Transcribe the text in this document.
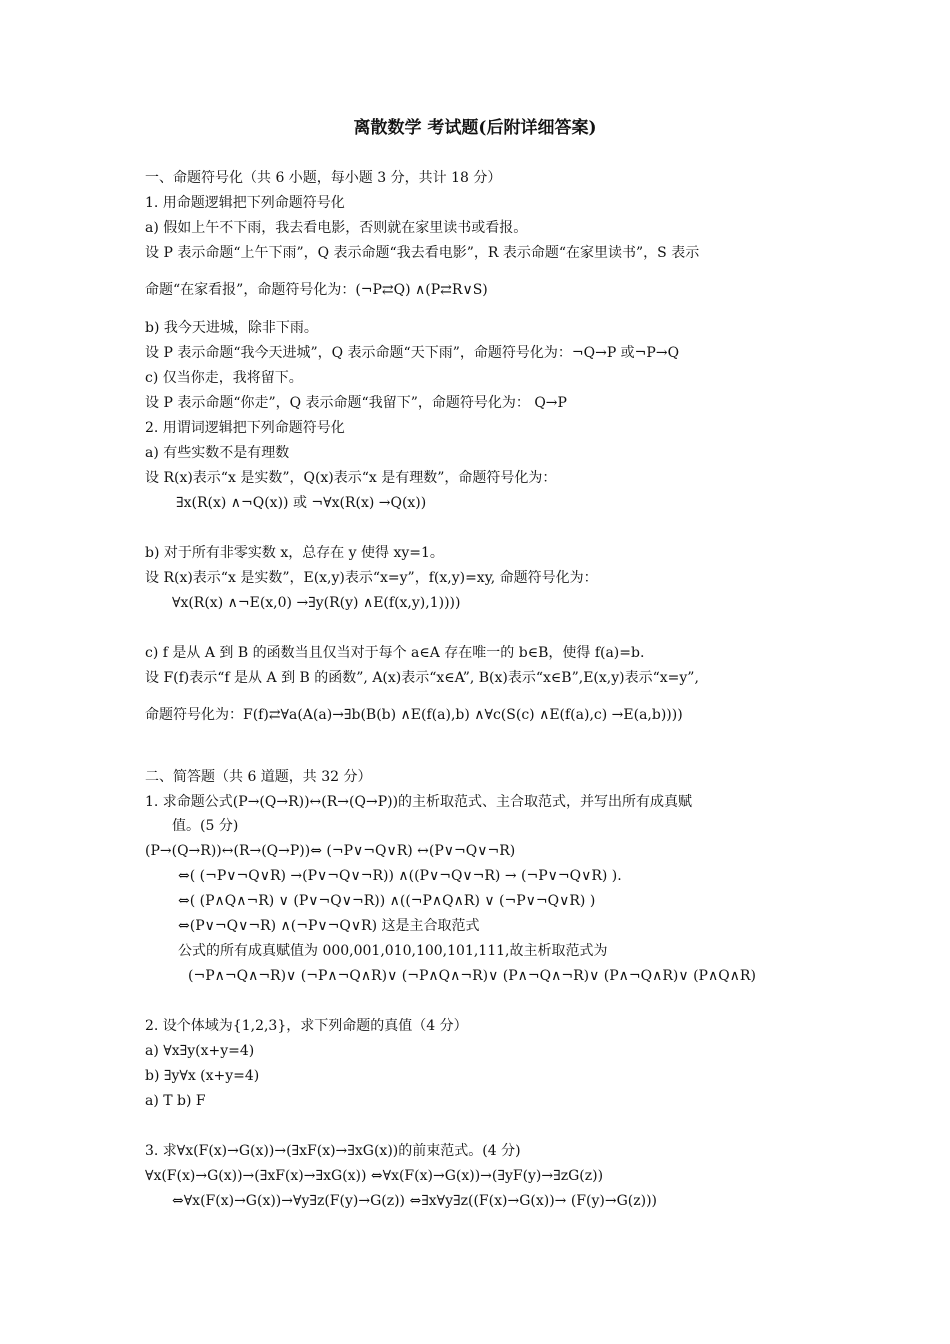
离散数学 考试题(后附详细答案)

一、命题符号化（共 6 小题，每小题 3 分，共计 18 分）

1. 用命题逻辑把下列命题符号化

a) 假如上午不下雨，我去看电影，否则就在家里读书或看报。

设 P 表示命题“上午下雨”，Q 表示命题“我去看电影”，R 表示命题“在家里读书”，S 表示

命题“在家看报”，命题符号化为：(¬P⇄Q) ∧(P⇄R∨S)

b) 我今天进城，除非下雨。

设 P 表示命题“我今天进城”，Q 表示命题“天下雨”，命题符号化为：¬Q→P 或¬P→Q

c) 仅当你走，我将留下。

设 P 表示命题“你走”，Q 表示命题“我留下”，命题符号化为： Q→P

2. 用谓词逻辑把下列命题符号化

a) 有些实数不是有理数

设 R(x)表示“x 是实数”，Q(x)表示“x 是有理数”，命题符号化为：

∃x(R(x) ∧¬Q(x)) 或 ¬∀x(R(x) →Q(x))

b) 对于所有非零实数 x，总存在 y 使得 xy=1。

设 R(x)表示“x 是实数”，E(x,y)表示“x=y”，f(x,y)=xy, 命题符号化为：

∀x(R(x) ∧¬E(x,0) →∃y(R(y) ∧E(f(x,y),1))))

c) f 是从 A 到 B 的函数当且仅当对于每个 a∈A 存在唯一的 b∈B，使得 f(a)=b.

设 F(f)表示“f 是从 A 到 B 的函数”, A(x)表示“x∈A”, B(x)表示“x∈B”,E(x,y)表示“x=y”,

命题符号化为：F(f)⇄∀a(A(a)→∃b(B(b) ∧E(f(a),b) ∧∀c(S(c) ∧E(f(a),c) →E(a,b))))

二、简答题（共 6 道题，共 32 分）

1. 求命题公式(P→(Q→R))↔(R→(Q→P))的主析取范式、主合取范式，并写出所有成真赋

值。(5 分)

(P→(Q→R))↔(R→(Q→P))⇔ (¬P∨¬Q∨R) ↔(P∨¬Q∨¬R)

⇔( (¬P∨¬Q∨R) →(P∨¬Q∨¬R)) ∧((P∨¬Q∨¬R) → (¬P∨¬Q∨R) ).

⇔( (P∧Q∧¬R) ∨ (P∨¬Q∨¬R)) ∧((¬P∧Q∧R) ∨ (¬P∨¬Q∨R) )

⇔(P∨¬Q∨¬R) ∧(¬P∨¬Q∨R) 这是主合取范式

公式的所有成真赋值为 000,001,010,100,101,111,故主析取范式为

(¬P∧¬Q∧¬R)∨ (¬P∧¬Q∧R)∨ (¬P∧Q∧¬R)∨ (P∧¬Q∧¬R)∨ (P∧¬Q∧R)∨ (P∧Q∧R)

2. 设个体域为{1,2,3}，求下列命题的真值（4 分）

a) ∀x∃y(x+y=4)

b) ∃y∀x (x+y=4)

a) T b) F

3. 求∀x(F(x)→G(x))→(∃xF(x)→∃xG(x))的前束范式。(4 分)

∀x(F(x)→G(x))→(∃xF(x)→∃xG(x)) ⇔∀x(F(x)→G(x))→(∃yF(y)→∃zG(z))

⇔∀x(F(x)→G(x))→∀y∃z(F(y)→G(z)) ⇔∃x∀y∃z((F(x)→G(x))→ (F(y)→G(z)))
